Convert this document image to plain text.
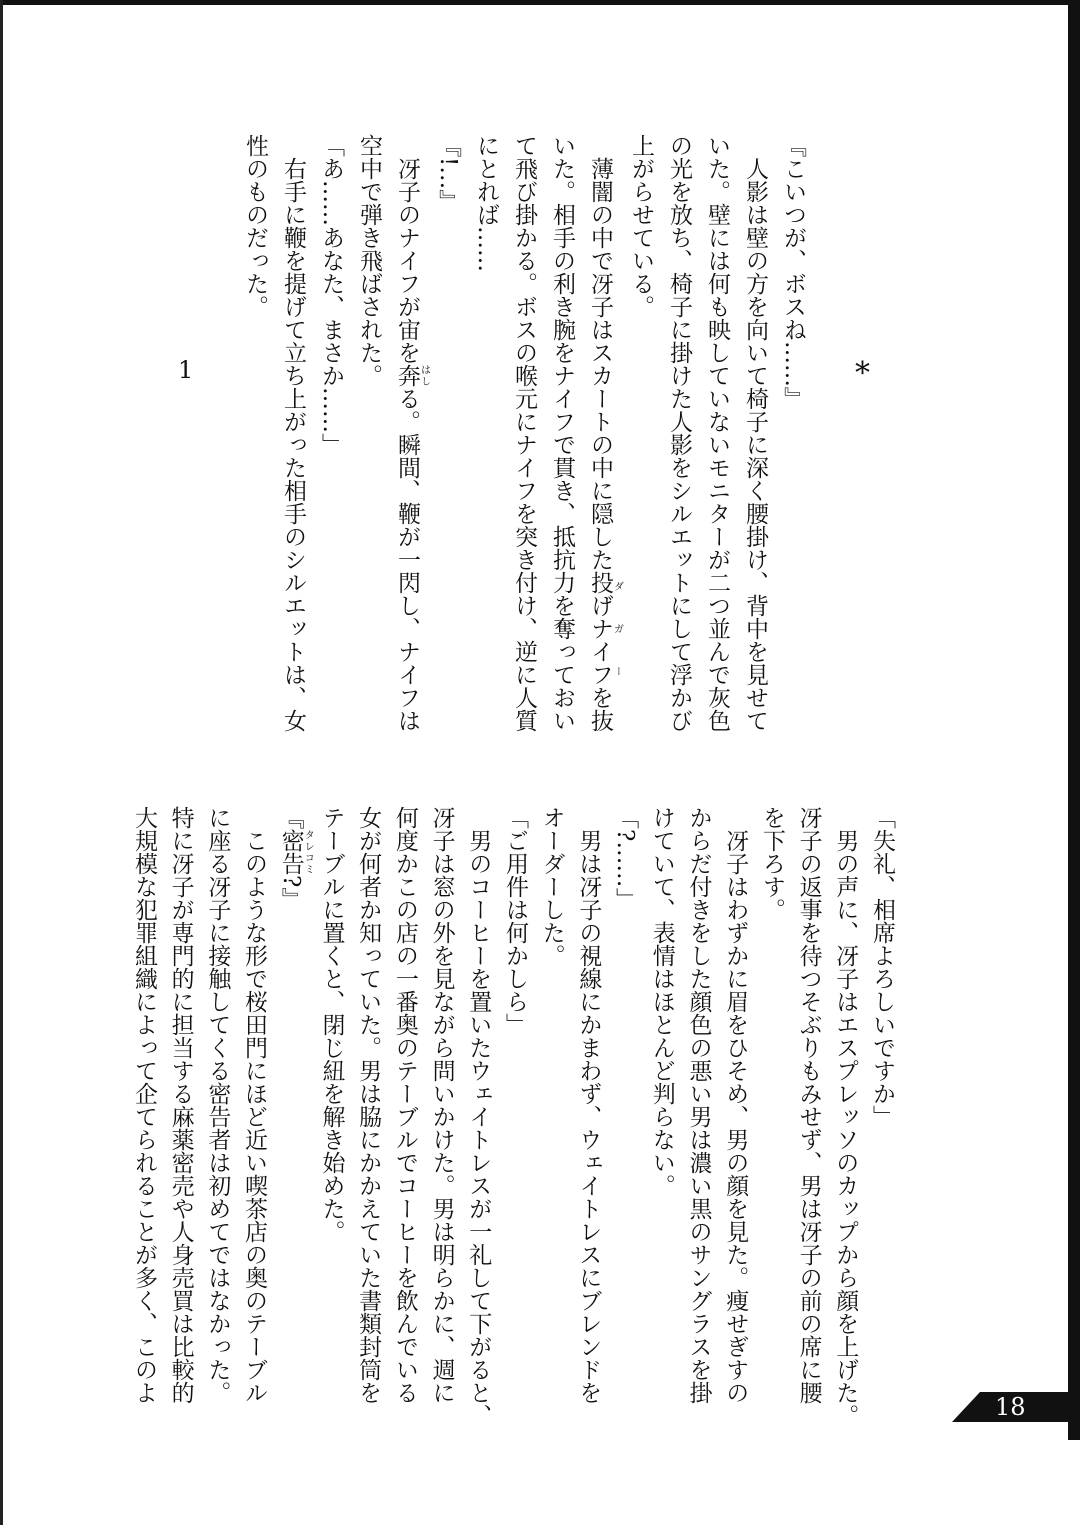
*
1	『こいつが、ボスね……』
　人影は壁の方を向いて椅子に深く腰掛け、背中を見せて
いた。壁には何も映していないモニターが二つ並んで灰色
の光を放ち、椅子に掛けた人影をシルエットにして浮かび
上がらせている。
　薄闇の中で冴子はスカートの中に隠した投げナイフダガーを抜
いた。相手の利き腕をナイフで貫き、抵抗力を奪っておい
て飛び掛かる。ボスの喉元にナイフを突き付け、逆に人質
にとれば……
『!…』
　冴子のナイフが宙を奔はしる。瞬間、鞭が一閃し、ナイフは
空中で弾き飛ばされた。
「あ……あなた、まさか……」
　右手に鞭を提げて立ち上がった相手のシルエットは、女
性のものだった。
「失礼、相席よろしいですか」
　男の声に、冴子はエスプレッソのカップから顔を上げた。
冴子の返事を待つそぶりもみせず、男は冴子の前の席に腰
を下ろす。
　冴子はわずかに眉をひそめ、男の顔を見た。痩せぎすの
からだ付きをした顔色の悪い男は濃い黒のサングラスを掛
けていて、表情はほとんど判らない。
「?……」
　男は冴子の視線にかまわず、ウェイトレスにブレンドを
オーダーした。
「ご用件は何かしら」
　男のコーヒーを置いたウェイトレスが一礼して下がると、
冴子は窓の外を見ながら問いかけた。男は明らかに、週に
何度かこの店の一番奥のテーブルでコーヒーを飲んでいる
女が何者か知っていた。男は脇にかかえていた書類封筒を
テーブルに置くと、閉じ紐を解き始めた。
『密告タレコミ?』
　このような形で桜田門にほど近い喫茶店の奥のテーブル
に座る冴子に接触してくる密告者は初めてではなかった。
特に冴子が専門的に担当する麻薬密売や人身売買は比較的
大規模な犯罪組織によって企てられることが多く、このよ
18
